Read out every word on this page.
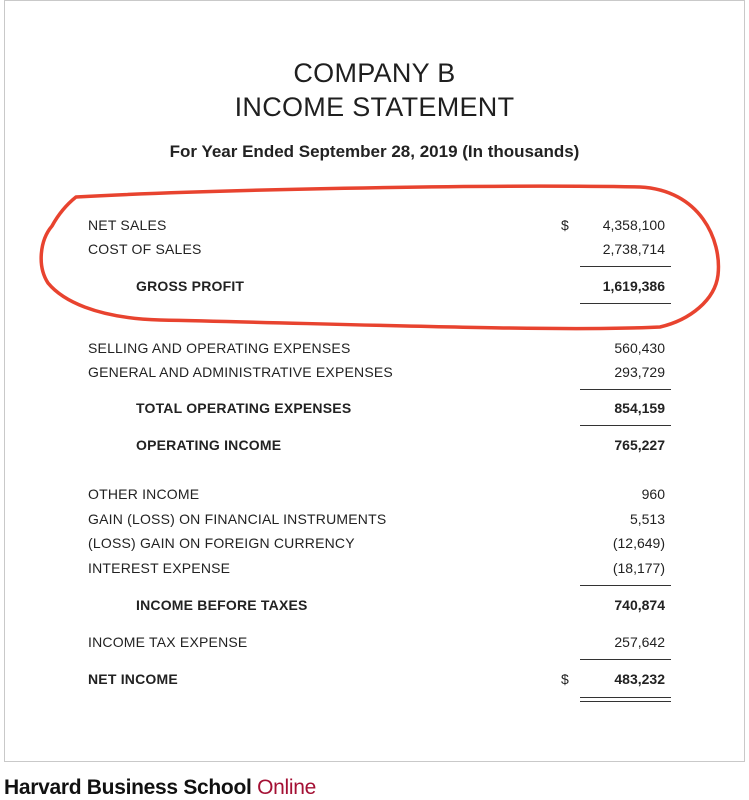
COMPANY B
INCOME STATEMENT
For Year Ended September 28, 2019 (In thousands)
NET SALES	$ 4,358,100
COST OF SALES	2,738,714
GROSS PROFIT	1,619,386
SELLING AND OPERATING EXPENSES	560,430
GENERAL AND ADMINISTRATIVE EXPENSES	293,729
TOTAL OPERATING EXPENSES	854,159
OPERATING INCOME	765,227
OTHER INCOME	960
GAIN (LOSS) ON FINANCIAL INSTRUMENTS	5,513
(LOSS) GAIN ON FOREIGN CURRENCY	(12,649)
INTEREST EXPENSE	(18,177)
INCOME BEFORE TAXES	740,874
INCOME TAX EXPENSE	257,642
NET INCOME	$	483,232
Harvard Business School Online
